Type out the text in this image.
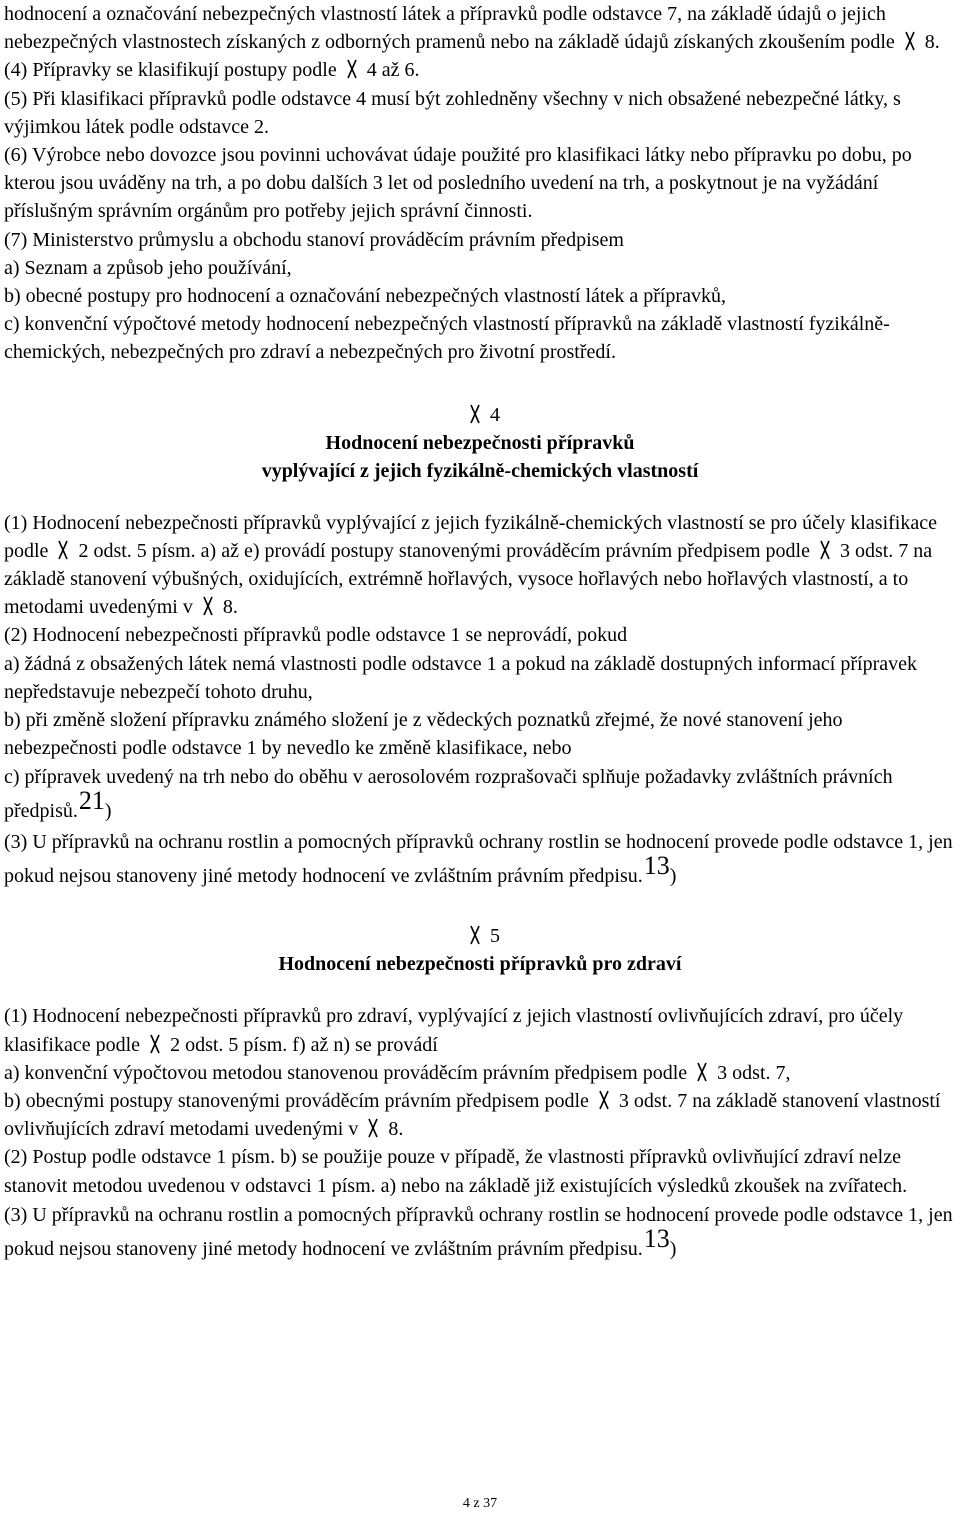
hodnocení a označování nebezpečných vlastností látek a přípravků podle odstavce 7, na základě údajů o jejich nebezpečných vlastnostech získaných z odborných pramenů nebo na základě údajů získaných zkoušením podle 8.

(4) Přípravky se klasifikují postupy podle 4 až 6.

(5) Při klasifikaci přípravků podle odstavce 4 musí být zohledněny všechny v nich obsažené nebezpečné látky, s výjimkou látek podle odstavce 2.

(6) Výrobce nebo dovozce jsou povinni uchovávat údaje použité pro klasifikaci látky nebo přípravku po dobu, po kterou jsou uváděny na trh, a po dobu dalších 3 let od posledního uvedení na trh, a poskytnout je na vyžádání příslušným správním orgánům pro potřeby jejich správní činnosti.

(7) Ministerstvo průmyslu a obchodu stanoví prováděcím právním předpisem

a) Seznam a způsob jeho používání,

b) obecné postupy pro hodnocení a označování nebezpečných vlastností látek a přípravků,

c) konvenční výpočtové metody hodnocení nebezpečných vlastností přípravků na základě vlastností fyzikálně-chemických, nebezpečných pro zdraví a nebezpečných pro životní prostředí.

4

Hodnocení nebezpečnosti přípravků

vyplývající z jejich fyzikálně-chemických vlastností

(1) Hodnocení nebezpečnosti přípravků vyplývající z jejich fyzikálně-chemických vlastností se pro účely klasifikace podle 2 odst. 5 písm. a) až e) provádí postupy stanovenými prováděcím právním předpisem podle 3 odst. 7 na základě stanovení výbušných, oxidujících, extrémně hořlavých, vysoce hořlavých nebo hořlavých vlastností, a to metodami uvedenými v 8.

(2) Hodnocení nebezpečnosti přípravků podle odstavce 1 se neprovádí, pokud

a) žádná z obsažených látek nemá vlastnosti podle odstavce 1 a pokud na základě dostupných informací přípravek nepředstavuje nebezpečí tohoto druhu,

b) při změně složení přípravku známého složení je z vědeckých poznatků zřejmé, že nové stanovení jeho nebezpečnosti podle odstavce 1 by nevedlo ke změně klasifikace, nebo

c) přípravek uvedený na trh nebo do oběhu v aerosolovém rozprašovači splňuje požadavky zvláštních právních předpisů.21)

(3) U přípravků na ochranu rostlin a pomocných přípravků ochrany rostlin se hodnocení provede podle odstavce 1, jen pokud nejsou stanoveny jiné metody hodnocení ve zvláštním právním předpisu.13)

5

Hodnocení nebezpečnosti přípravků pro zdraví

(1) Hodnocení nebezpečnosti přípravků pro zdraví, vyplývající z jejich vlastností ovlivňujících zdraví, pro účely klasifikace podle 2 odst. 5 písm. f) až n) se provádí

a) konvenční výpočtovou metodou stanovenou prováděcím právním předpisem podle 3 odst. 7,

b) obecnými postupy stanovenými prováděcím právním předpisem podle 3 odst. 7 na základě stanovení vlastností ovlivňujících zdraví metodami uvedenými v 8.

(2) Postup podle odstavce 1 písm. b) se použije pouze v případě, že vlastnosti přípravků ovlivňující zdraví nelze stanovit metodou uvedenou v odstavci 1 písm. a) nebo na základě již existujících výsledků zkoušek na zvířatech.

(3) U přípravků na ochranu rostlin a pomocných přípravků ochrany rostlin se hodnocení provede podle odstavce 1, jen pokud nejsou stanoveny jiné metody hodnocení ve zvláštním právním předpisu.13)

4 z 37
